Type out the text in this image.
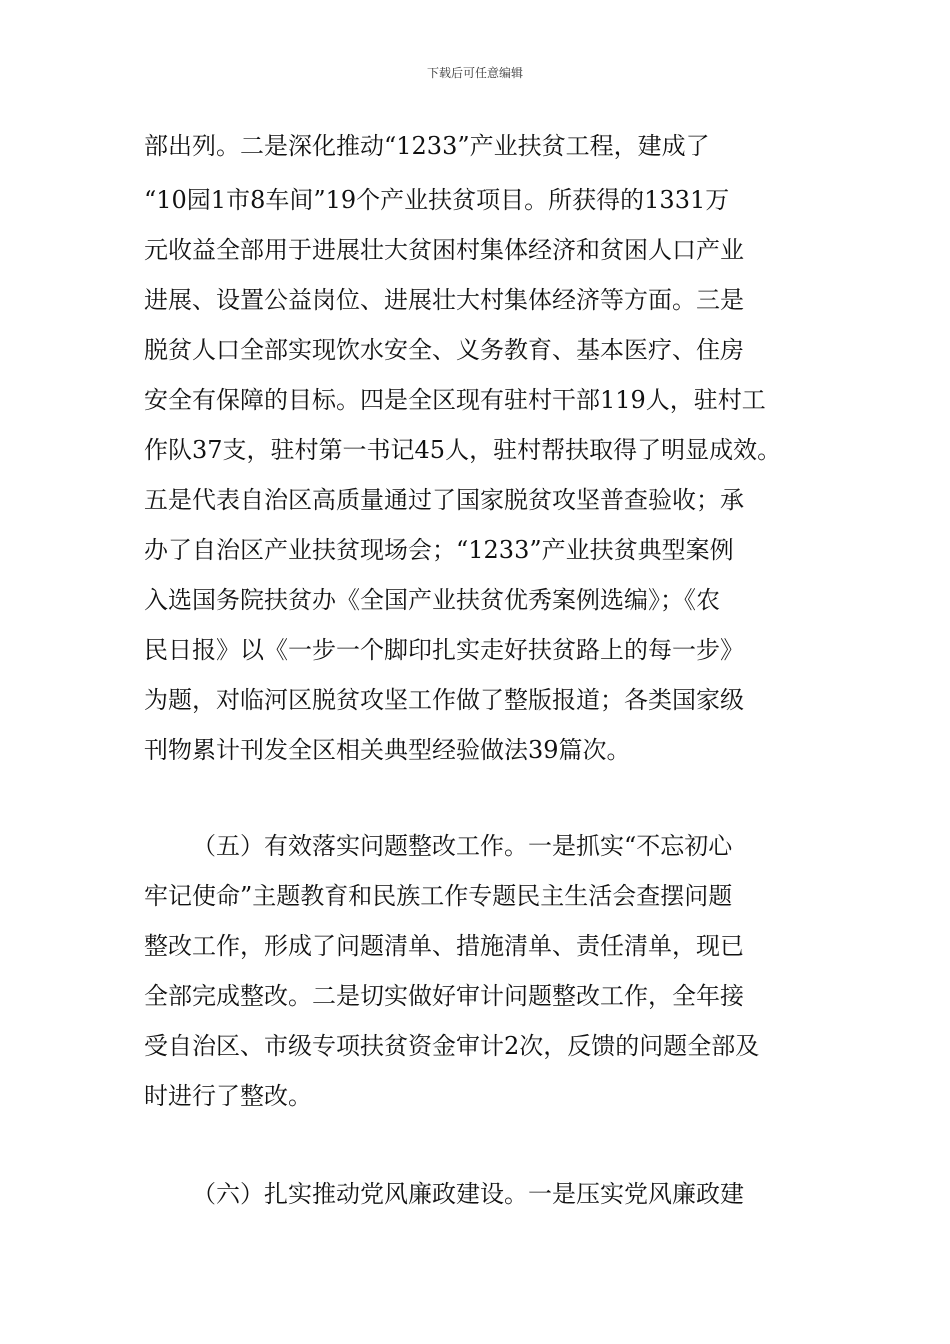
下载后可任意编辑
部出列。二是深化推动“1233”产业扶贫工程，建成了
“10园1市8车间”19个产业扶贫项目。所获得的1331万
元收益全部用于进展壮大贫困村集体经济和贫困人口产业
进展、设置公益岗位、进展壮大村集体经济等方面。三是
脱贫人口全部实现饮水安全、义务教育、基本医疗、住房
安全有保障的目标。四是全区现有驻村干部119人，驻村工
作队37支，驻村第一书记45人，驻村帮扶取得了明显成效。
五是代表自治区高质量通过了国家脱贫攻坚普查验收；承
办了自治区产业扶贫现场会；“1233”产业扶贫典型案例
入选国务院扶贫办《全国产业扶贫优秀案例选编》；《农
民日报》以《一步一个脚印扎实走好扶贫路上的每一步》
为题，对临河区脱贫攻坚工作做了整版报道；各类国家级
刊物累计刊发全区相关典型经验做法39篇次。
（五）有效落实问题整改工作。一是抓实“不忘初心
牢记使命”主题教育和民族工作专题民主生活会查摆问题
整改工作，形成了问题清单、措施清单、责任清单，现已
全部完成整改。二是切实做好审计问题整改工作，全年接
受自治区、市级专项扶贫资金审计2次，反馈的问题全部及
时进行了整改。
（六）扎实推动党风廉政建设。一是压实党风廉政建
